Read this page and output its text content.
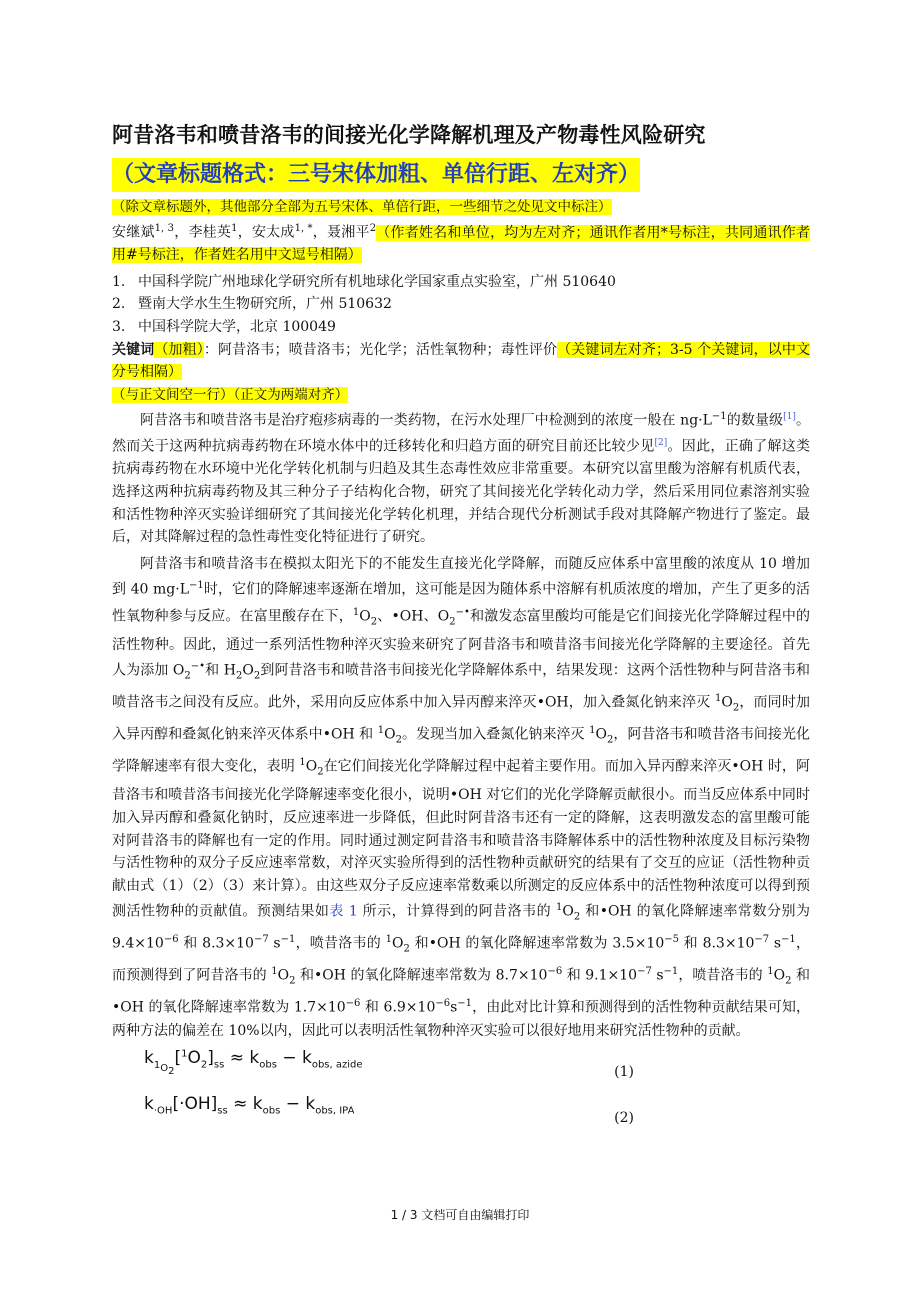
阿昔洛韦和喷昔洛韦的间接光化学降解机理及产物毒性风险研究
（文章标题格式：三号宋体加粗、单倍行距、左对齐）
（除文章标题外，其他部分全部为五号宋体、单倍行距，一些细节之处见文中标注）

安继斌$^{1, 3}$，李桂英$^1$，安太成$^{1, *}$，聂湘平$^2$（作者姓名和单位，均为左对齐；通讯作者用*号标注，共同通讯作者用#号标注，作者姓名用中文逗号相隔）

1. 中国科学院广州地球化学研究所有机地球化学国家重点实验室，广州 510640

2. 暨南大学水生生物研究所，广州 510632

3. 中国科学院大学，北京 100049

关键词（加粗）：阿昔洛韦；喷昔洛韦；光化学；活性氧物种；毒性评价（关键词左对齐；3-5 个关键词，以中文分号相隔）

（与正文间空一行）（正文为两端对齐）

阿昔洛韦和喷昔洛韦是治疗疱疹病毒的一类药物，在污水处理厂中检测到的浓度一般在 $ng\cdot L^{-1}$的数量级[1]。然而关于这两种抗病毒药物在环境水体中的迁移转化和归趋方面的研究目前还比较少见[2]。因此，正确了解这类抗病毒药物在水环境中光化学转化机制与归趋及其生态毒性效应非常重要。本研究以富里酸为溶解有机质代表，选择这两种抗病毒药物及其三种分子子结构化合物，研究了其间接光化学转化动力学，然后采用同位素溶剂实验和活性物种淬灭实验详细研究了其间接光化学转化机理，并结合现代分析测试手段对其降解产物进行了鉴定。最后，对其降解过程的急性毒性变化特征进行了研究。

阿昔洛韦和喷昔洛韦在模拟太阳光下的不能发生直接光化学降解，而随反应体系中富里酸的浓度从 10 增加到 40 $mg\cdot L^{-1}$时，它们的降解速率逐渐在增加，这可能是因为随体系中溶解有机质浓度的增加，产生了更多的活性氧物种参与反应。在富里酸存在下，$^1O_2$、•OH、$O_2^{-•}$和激发态富里酸均可能是它们间接光化学降解过程中的活性物种。因此，通过一系列活性物种淬灭实验来研究了阿昔洛韦和喷昔洛韦间接光化学降解的主要途径。首先人为添加 $O_2^{-•}$和 $H_2O_2$到阿昔洛韦和喷昔洛韦间接光化学降解体系中，结果发现：这两个活性物种与阿昔洛韦和喷昔洛韦之间没有反应。此外，采用向反应体系中加入异丙醇来淬灭•OH，加入叠氮化钠来淬灭 $^1O_2$，而同时加入异丙醇和叠氮化钠来淬灭体系中•OH 和 $^1O_2$。发现当加入叠氮化钠来淬灭 $^1O_2$，阿昔洛韦和喷昔洛韦间接光化学降解速率有很大变化，表明 $^1O_2$在它们间接光化学降解过程中起着主要作用。而加入异丙醇来淬灭•OH 时，阿昔洛韦和喷昔洛韦间接光化学降解速率变化很小，说明•OH 对它们的光化学降解贡献很小。而当反应体系中同时加入异丙醇和叠氮化钠时，反应速率进一步降低，但此时阿昔洛韦还有一定的降解，这表明激发态的富里酸可能对阿昔洛韦的降解也有一定的作用。同时通过测定阿昔洛韦和喷昔洛韦降解体系中的活性物种浓度及目标污染物与活性物种的双分子反应速率常数，对淬灭实验所得到的活性物种贡献研究的结果有了交互的应证（活性物种贡献由式（1）（2）（3）来计算）。由这些双分子反应速率常数乘以所测定的反应体系中的活性物种浓度可以得到预测活性物种的贡献值。预测结果如表 1 所示，计算得到的阿昔洛韦的 $^1O_2$ 和•OH 的氧化降解速率常数分别为 $9.4\times 10^{-6}$ 和 $8.3\times 10^{-7}$ $s^{-1}$，喷昔洛韦的 $^1O_2$ 和•OH 的氧化降解速率常数为 $3.5\times 10^{-5}$ 和 $8.3\times 10^{-7}$ $s^{-1}$，而预测得到了阿昔洛韦的 $^1O_2$ 和•OH 的氧化降解速率常数为 $8.7\times 10^{-6}$ 和 $9.1\times 10^{-7}$ $s^{-1}$，喷昔洛韦的 $^1O_2$ 和•OH 的氧化降解速率常数为 $1.7\times 10^{-6}$ 和 $6.9\times 10^{-6}s^{-1}$，由此对比计算和预测得到的活性物种贡献结果可知，两种方法的偏差在 10%以内，因此可以表明活性氧物种淬灭实验可以很好地用来研究活性物种的贡献。

$k_{1_{O_2}}[^1O_2]_{ss} \approx k_{obs} - k_{obs, azide}$	(1)
$k_{\cdot OH}[\cdot OH]_{ss} \approx k_{obs} - k_{obs, IPA}$	(2)
1 / 3 文档可自由编辑打印
